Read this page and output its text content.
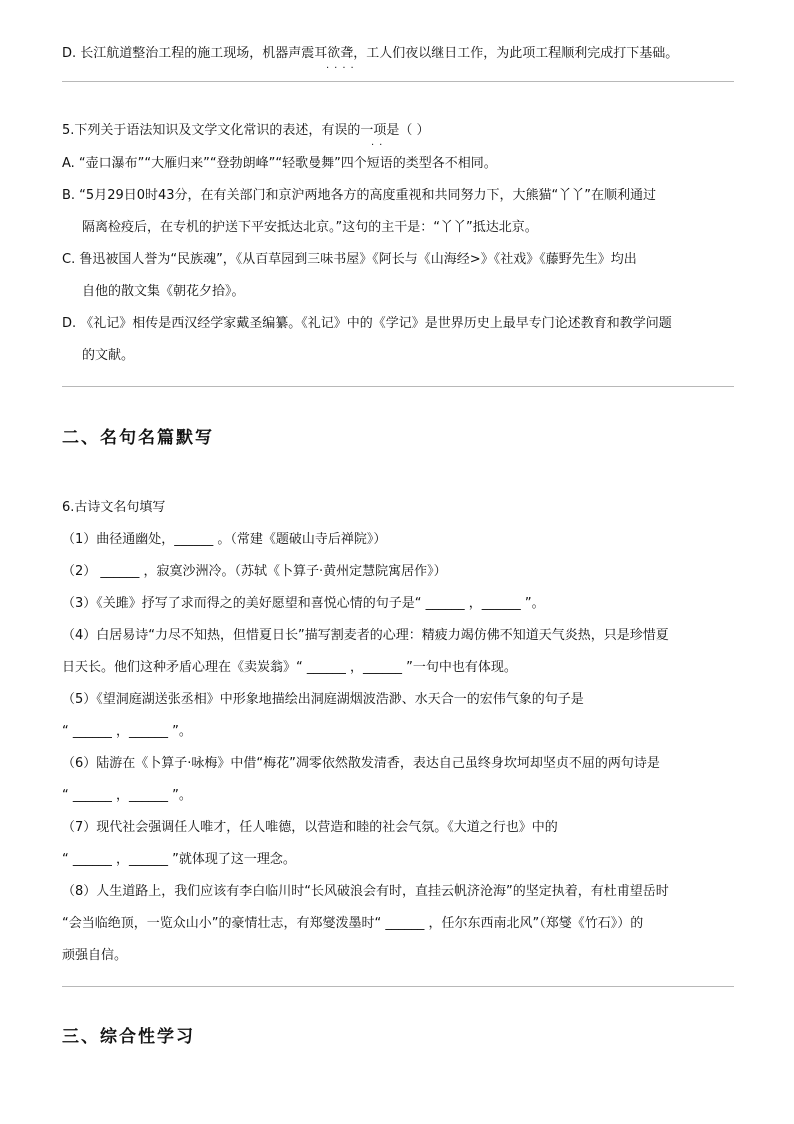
D. 长江航道整治工程的施工现场，机器声震耳欲聋，工人们夜以继日工作，为此项工程顺利完成打下基础。
····
5.下列关于语法知识及文学文化常识的表述，有误的一项是（ ）
··
A. “壶口瀑布”“大雁归来”“登勃朗峰”“轻歌曼舞”四个短语的类型各不相同。
B. “5月29日0时43分，在有关部门和京沪两地各方的高度重视和共同努力下，大熊猫“丫丫”在顺利通过
隔离检疫后，在专机的护送下平安抵达北京。”这句的主干是：“丫丫”抵达北京。
C. 鲁迅被国人誉为“民族魂”，《从百草园到三味书屋》《阿长与《山海经>》《社戏》《藤野先生》均出
自他的散文集《朝花夕拾》。
D. 《礼记》相传是西汉经学家戴圣编纂。《礼记》中的《学记》是世界历史上最早专门论述教育和教学问题
的文献。
二、名句名篇默写
6.古诗文名句填写
（1）曲径通幽处，______ 。（常建《题破山寺后禅院》）
（2） ______ ，寂寞沙洲冷。（苏轼《卜算子·黄州定慧院寓居作》）
（3）《关雎》抒写了求而得之的美好愿望和喜悦心情的句子是“ ______ ，______ ”。
（4）白居易诗“力尽不知热，但惜夏日长”描写割麦者的心理：精疲力竭仿佛不知道天气炎热，只是珍惜夏
日天长。他们这种矛盾心理在《卖炭翁》“ ______ ，______ ”一句中也有体现。
（5）《望洞庭湖送张丞相》中形象地描绘出洞庭湖烟波浩渺、水天合一的宏伟气象的句子是
“ ______ ，______ ”。
（6）陆游在《卜算子·咏梅》中借“梅花”凋零依然散发清香，表达自己虽终身坎坷却坚贞不屈的两句诗是
“ ______ ，______ ”。
（7）现代社会强调任人唯才，任人唯德，以营造和睦的社会气氛。《大道之行也》中的
“ ______ ，______ ”就体现了这一理念。
（8）人生道路上，我们应该有李白临川时“长风破浪会有时，直挂云帆济沧海”的坚定执着，有杜甫望岳时
“会当临绝顶，一览众山小”的豪情壮志，有郑燮泼墨时“ ______ ，任尔东西南北风”（郑燮《竹石》）的
顽强自信。
三、综合性学习
